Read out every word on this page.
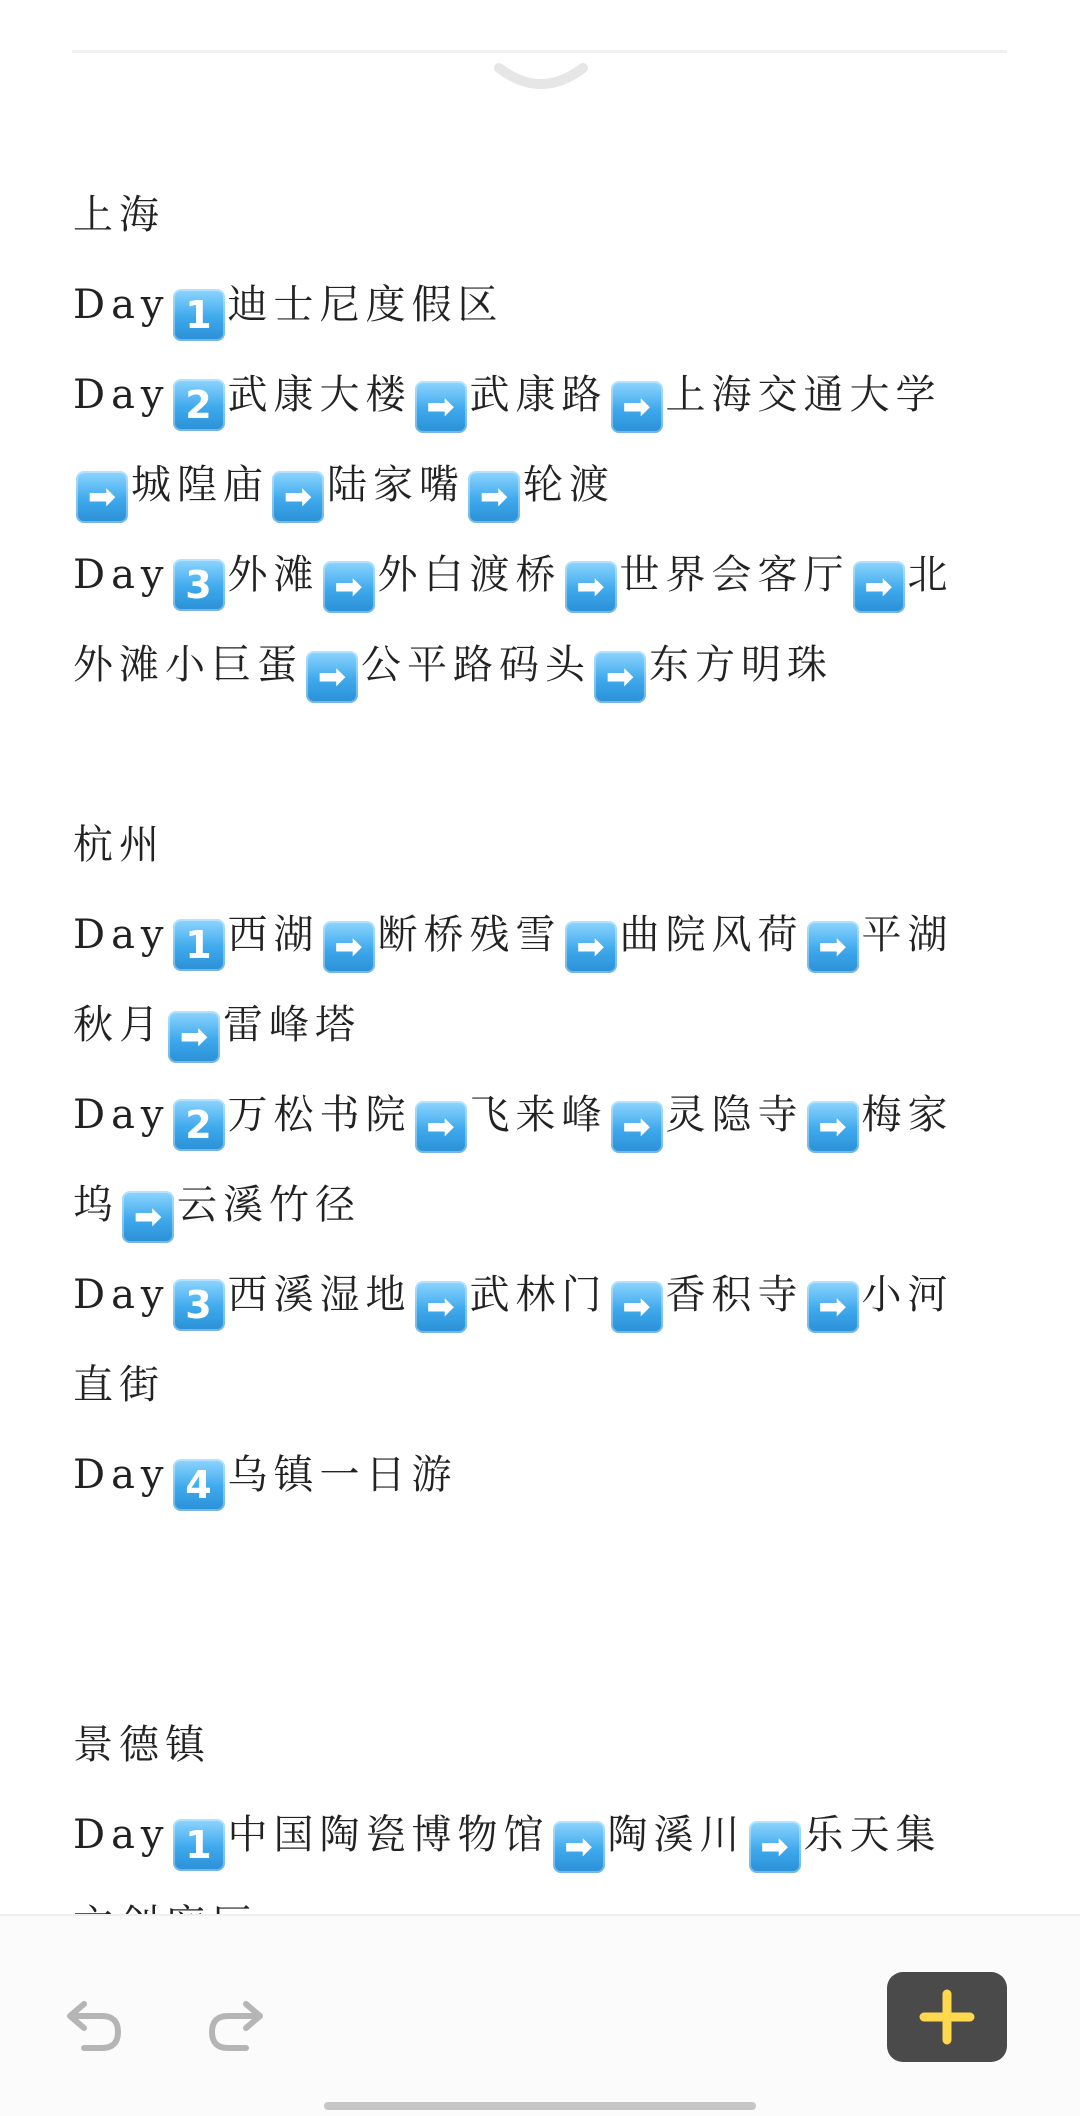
上海
Day 1 迪士尼度假区
Day 2 武康大楼 ➡ 武康路 ➡ 上海交通大学
➡ 城隍庙 ➡ 陆家嘴 ➡ 轮渡
Day 3 外滩 ➡ 外白渡桥 ➡ 世界会客厅 ➡ 北
外滩小巨蛋 ➡ 公平路码头 ➡ 东方明珠
杭州
Day 1 西湖 ➡ 断桥残雪 ➡ 曲院风荷 ➡ 平湖
秋月 ➡ 雷峰塔
Day 2 万松书院 ➡ 飞来峰 ➡ 灵隐寺 ➡ 梅家
坞 ➡ 云溪竹径
Day 3 西溪湿地 ➡ 武林门 ➡ 香积寺 ➡ 小河
直街
Day 4 乌镇一日游
景德镇
Day 1 中国陶瓷博物馆 ➡ 陶溪川 ➡ 乐天集
